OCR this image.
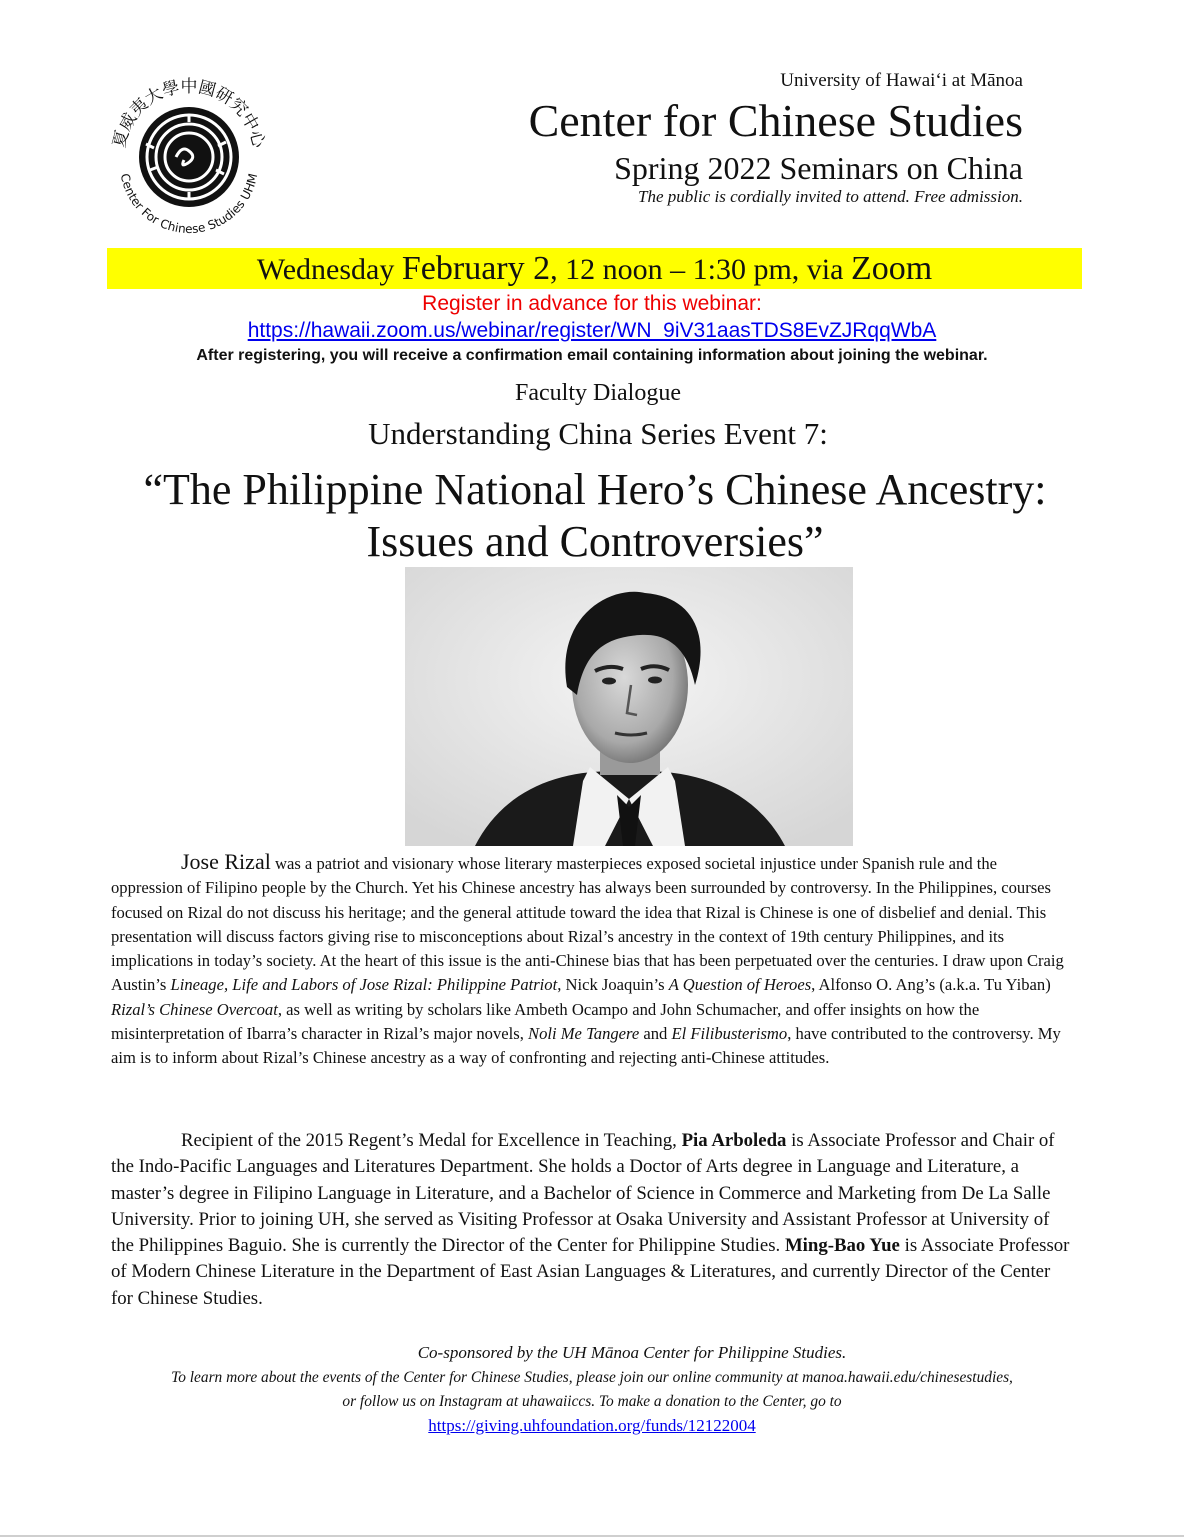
夏威夷大學中國研究中心
Center For Chinese Studies UHM
University of Hawaiʻi at Mānoa
Center for Chinese Studies
Spring 2022 Seminars on China
The public is cordially invited to attend. Free admission.
Wednesday February 2, 12 noon – 1:30 pm, via Zoom
Register in advance for this webinar:
https://hawaii.zoom.us/webinar/register/WN_9iV31aasTDS8EvZJRqqWbA
After registering, you will receive a confirmation email containing information about joining the webinar.
Faculty Dialogue
Understanding China Series Event 7:
“The Philippine National Hero’s Chinese Ancestry: Issues and Controversies”
Jose Rizal was a patriot and visionary whose literary masterpieces exposed societal injustice under Spanish rule and the oppression of Filipino people by the Church. Yet his Chinese ancestry has always been surrounded by controversy. In the Philippines, courses focused on Rizal do not discuss his heritage; and the general attitude toward the idea that Rizal is Chinese is one of disbelief and denial. This presentation will discuss factors giving rise to misconceptions about Rizal’s ancestry in the context of 19th century Philippines, and its implications in today’s society. At the heart of this issue is the anti-Chinese bias that has been perpetuated over the centuries. I draw upon Craig Austin’s Lineage, Life and Labors of Jose Rizal: Philippine Patriot, Nick Joaquin’s A Question of Heroes, Alfonso O. Ang’s (a.k.a. Tu Yiban) Rizal’s Chinese Overcoat, as well as writing by scholars like Ambeth Ocampo and John Schumacher, and offer insights on how the misinterpretation of Ibarra’s character in Rizal’s major novels, Noli Me Tangere and El Filibusterismo, have contributed to the controversy. My aim is to inform about Rizal’s Chinese ancestry as a way of confronting and rejecting anti-Chinese attitudes.
Recipient of the 2015 Regent’s Medal for Excellence in Teaching, Pia Arboleda is Associate Professor and Chair of the Indo-Pacific Languages and Literatures Department. She holds a Doctor of Arts degree in Language and Literature, a master’s degree in Filipino Language in Literature, and a Bachelor of Science in Commerce and Marketing from De La Salle University. Prior to joining UH, she served as Visiting Professor at Osaka University and Assistant Professor at University of the Philippines Baguio. She is currently the Director of the Center for Philippine Studies. Ming-Bao Yue is Associate Professor of Modern Chinese Literature in the Department of East Asian Languages & Literatures, and currently Director of the Center for Chinese Studies.
Co-sponsored by the UH Mānoa Center for Philippine Studies.
To learn more about the events of the Center for Chinese Studies, please join our online community at manoa.hawaii.edu/chinesestudies,
or follow us on Instagram at uhawaiiccs. To make a donation to the Center, go to
https://giving.uhfoundation.org/funds/12122004
